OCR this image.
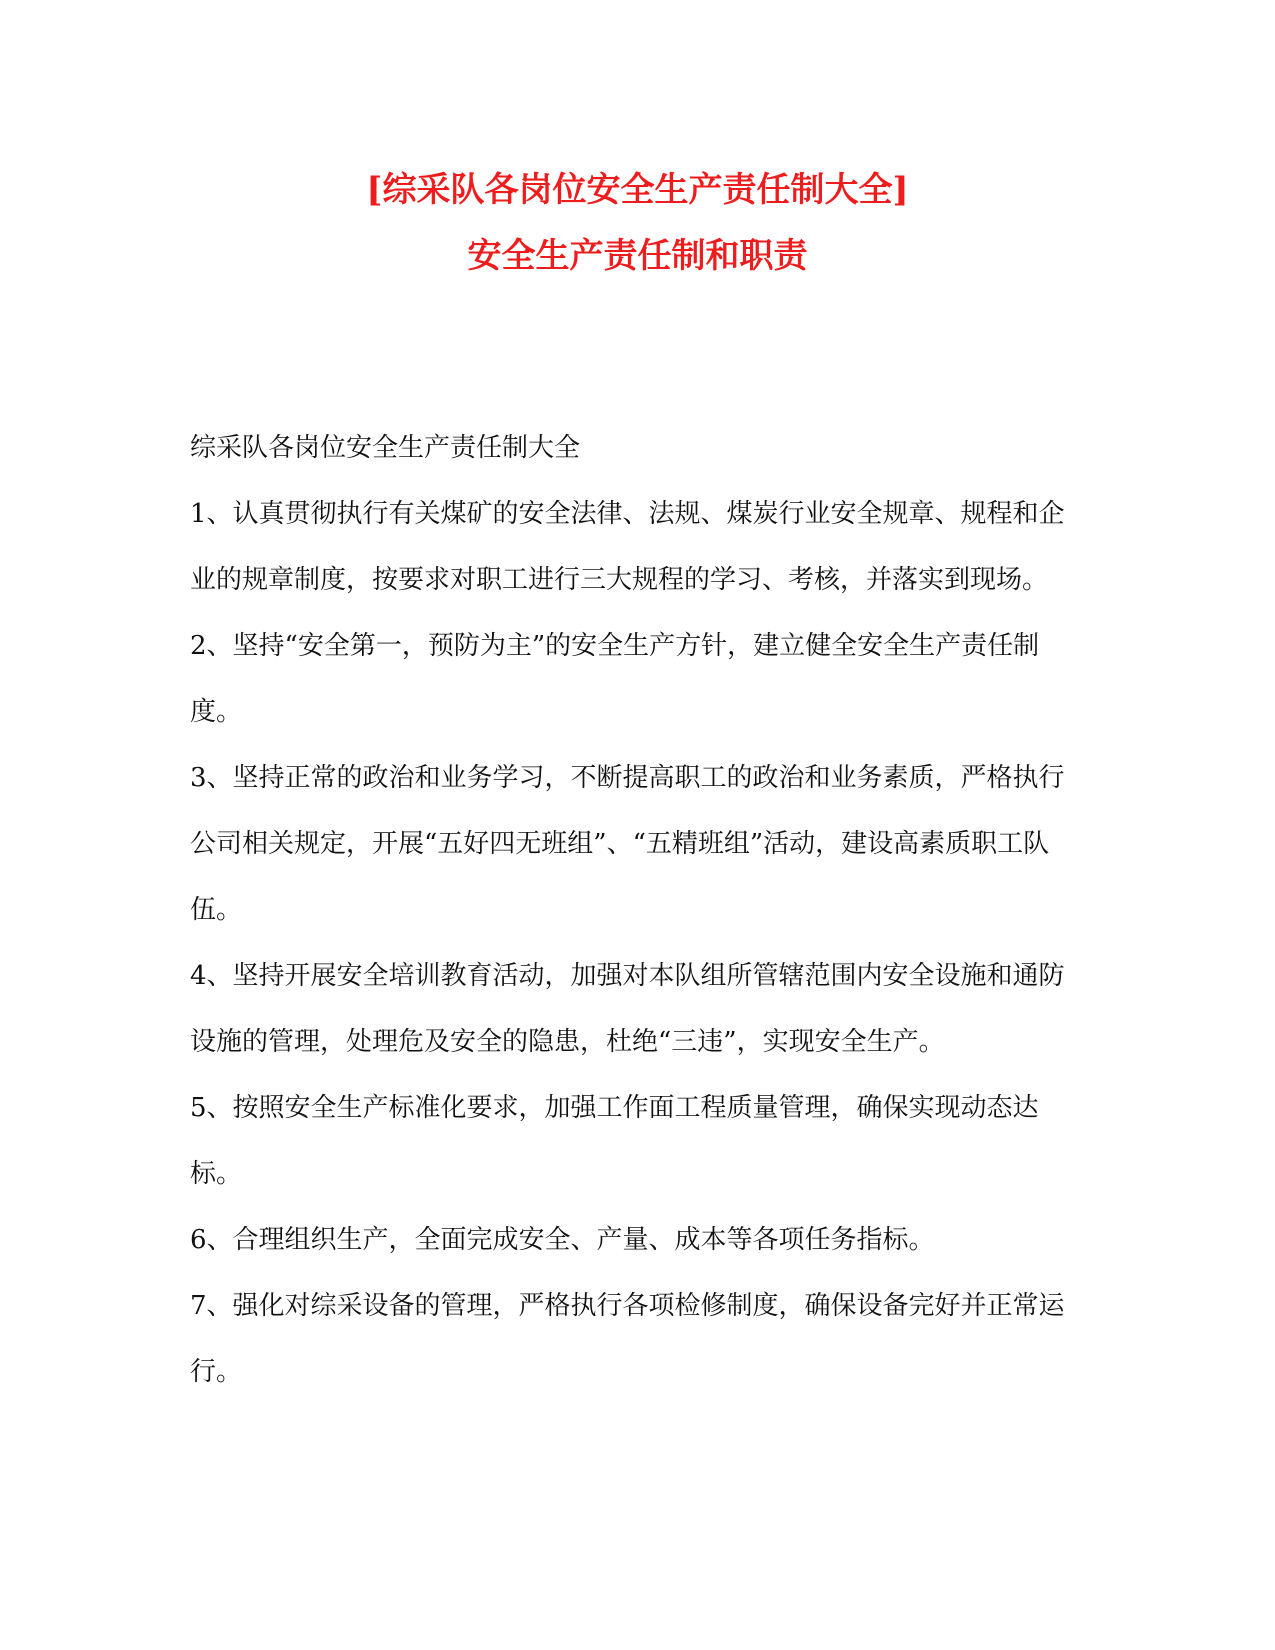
[综采队各岗位安全生产责任制大全]
安全生产责任制和职责

综采队各岗位安全生产责任制大全

1、认真贯彻执行有关煤矿的安全法律、法规、煤炭行业安全规章、规程和企业的规章制度，按要求对职工进行三大规程的学习、考核，并落实到现场。

2、坚持“安全第一，预防为主”的安全生产方针，建立健全安全生产责任制度。

3、坚持正常的政治和业务学习，不断提高职工的政治和业务素质，严格执行公司相关规定，开展“五好四无班组”、“五精班组”活动，建设高素质职工队伍。

4、坚持开展安全培训教育活动，加强对本队组所管辖范围内安全设施和通防设施的管理，处理危及安全的隐患，杜绝“三违”，实现安全生产。

5、按照安全生产标准化要求，加强工作面工程质量管理，确保实现动态达标。

6、合理组织生产，全面完成安全、产量、成本等各项任务指标。

7、强化对综采设备的管理，严格执行各项检修制度，确保设备完好并正常运行。
